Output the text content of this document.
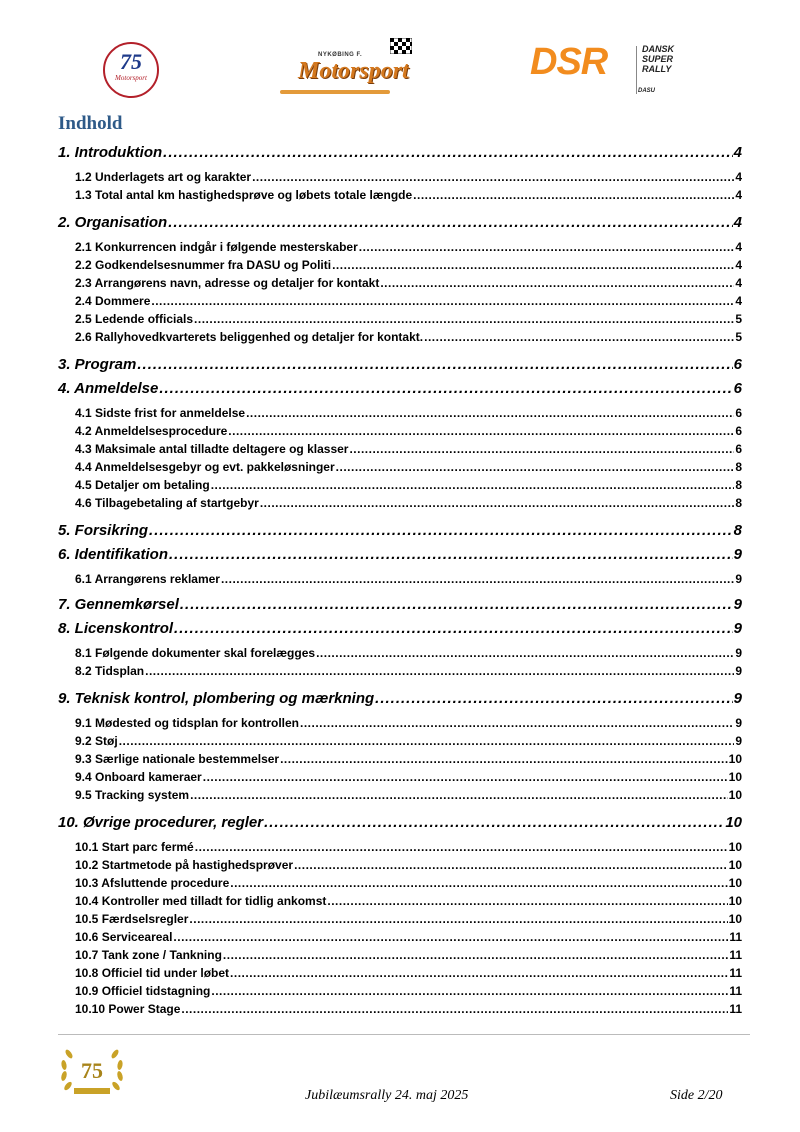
75
Motorsport
NYKØBING F.
Motorsport	DSR	DANSK
SUPER
RALLY
DASU
Indhold
1. Introduktion .....	4
1.2 Underlagets art og karakter .....	4
1.3 Total antal km hastighedsprøve og løbets totale længde .....	4
2. Organisation .....	4
2.1 Konkurrencen indgår i følgende mesterskaber .....	4
2.2 Godkendelsesnummer fra DASU og Politi .....	4
2.3 Arrangørens navn, adresse og detaljer for kontakt .....	4
2.4 Dommere .....	4
2.5 Ledende officials .....	5
2.6 Rallyhovedkvarterets beliggenhed og detaljer for kontakt. .....	5
3. Program .....	6
4. Anmeldelse .....	6
4.1 Sidste frist for anmeldelse .....	6
4.2 Anmeldelsesprocedure .....	6
4.3 Maksimale antal tilladte deltagere og klasser .....	6
4.4 Anmeldelsesgebyr og evt. pakkeløsninger .....	8
4.5 Detaljer om betaling .....	8
4.6 Tilbagebetaling af startgebyr .....	8
5. Forsikring .....	8
6. Identifikation .....	9
6.1 Arrangørens reklamer .....	9
7. Gennemkørsel .....	9
8. Licenskontrol .....	9
8.1 Følgende dokumenter skal forelægges .....	9
8.2 Tidsplan .....	9
9. Teknisk kontrol, plombering og mærkning .....	9
9.1 Mødested og tidsplan for kontrollen .....	9
9.2 Støj .....	9
9.3 Særlige nationale bestemmelser .....	10
9.4 Onboard kameraer .....	10
9.5 Tracking system .....	10
10. Øvrige procedurer, regler .....	10
10.1 Start parc fermé .....	10
10.2 Startmetode på hastighedsprøver .....	10
10.3 Afsluttende procedure .....	10
10.4 Kontroller med tilladt for tidlig ankomst .....	10
10.5 Færdselsregler .....	10
10.6 Serviceareal .....	11
10.7 Tank zone / Tankning .....	11
10.8 Officiel tid under løbet .....	11
10.9 Officiel tidstagning .....	11
10.10 Power Stage .....	11
75
Jubilæumsrally 24. maj 2025	Side 2/20
